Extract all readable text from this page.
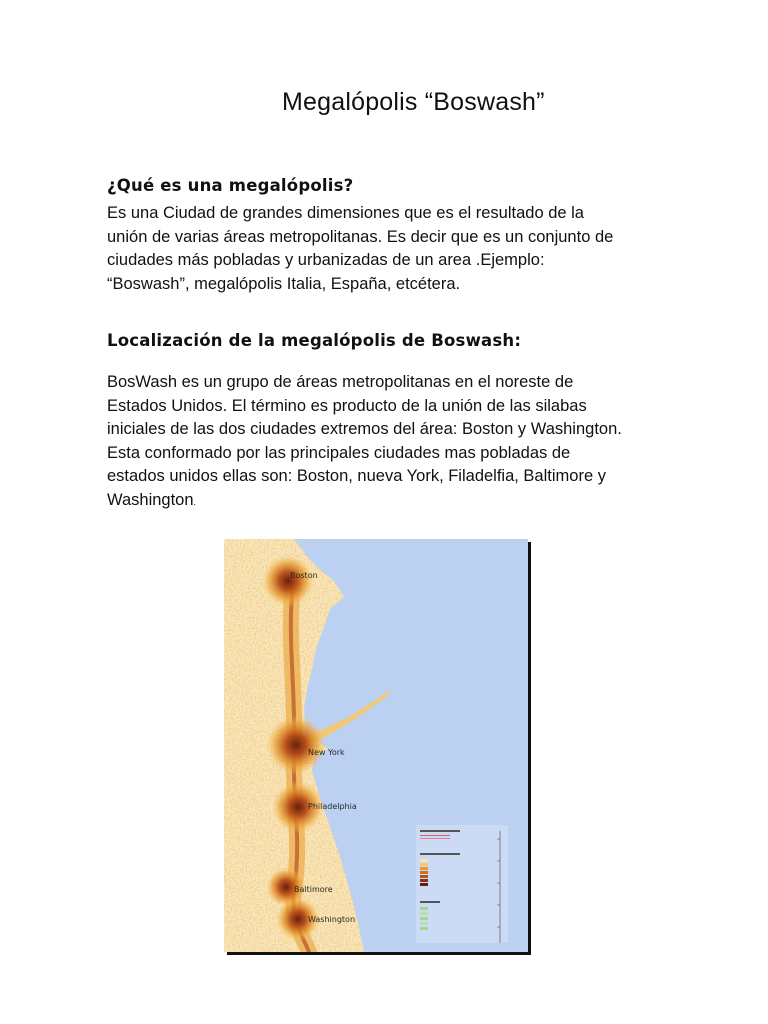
Megalópolis “Boswash”
¿Qué es una megalópolis?

Es una Ciudad de grandes dimensiones que es el resultado de la
unión de varias áreas metropolitanas. Es decir que es un conjunto de
ciudades más pobladas y urbanizadas de un area .Ejemplo:
“Boswash”, megalópolis Italia, España, etcétera.

Localización de la megalópolis de Boswash:

BosWash es un grupo de áreas metropolitanas en el noreste de
Estados Unidos. El término es producto de la unión de las silabas
iniciales de las dos ciudades extremos del área: Boston y Washington.
Esta conformado por las principales ciudades mas pobladas de
estados unidos ellas son: Boston, nueva York, Filadelfia, Baltimore y
Washington.

Boston
New York
Philadelphia
Baltimore
Washington
